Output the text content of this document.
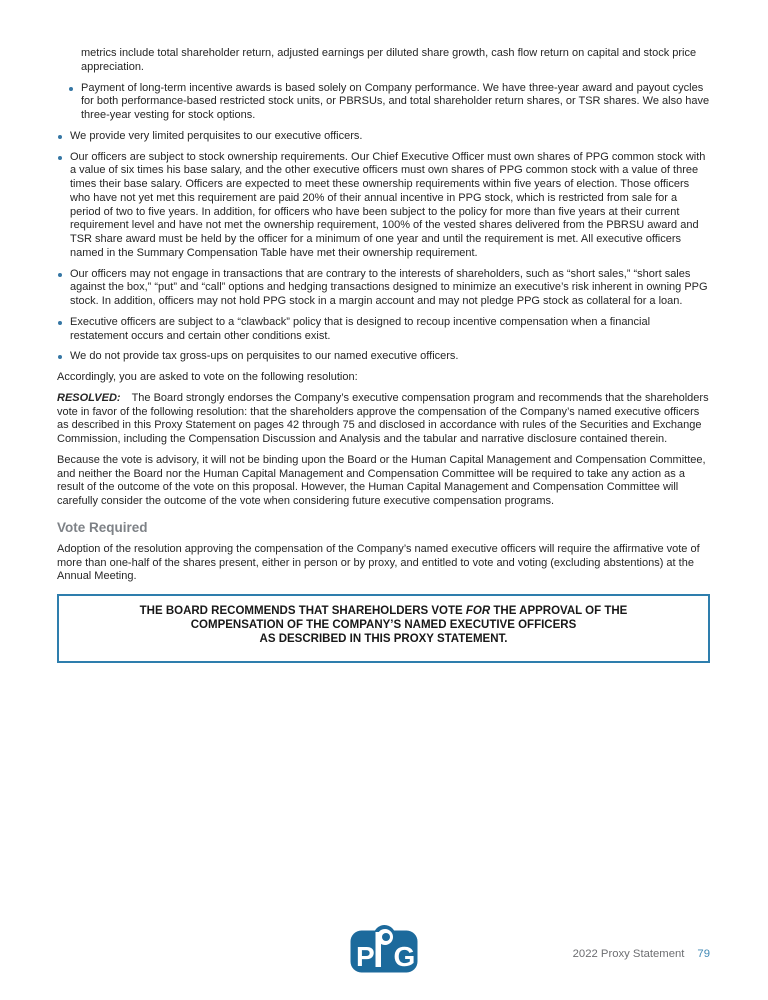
metrics include total shareholder return, adjusted earnings per diluted share growth, cash flow return on capital and stock price appreciation.

Payment of long-term incentive awards is based solely on Company performance. We have three-year award and payout cycles for both performance-based restricted stock units, or PBRSUs, and total shareholder return shares, or TSR shares. We also have three-year vesting for stock options.
We provide very limited perquisites to our executive officers.
Our officers are subject to stock ownership requirements. Our Chief Executive Officer must own shares of PPG common stock with a value of six times his base salary, and the other executive officers must own shares of PPG common stock with a value of three times their base salary. Officers are expected to meet these ownership requirements within five years of election. Those officers who have not yet met this requirement are paid 20% of their annual incentive in PPG stock, which is restricted from sale for a period of two to five years. In addition, for officers who have been subject to the policy for more than five years at their current requirement level and have not met the ownership requirement, 100% of the vested shares delivered from the PBRSU award and TSR share award must be held by the officer for a minimum of one year and until the requirement is met. All executive officers named in the Summary Compensation Table have met their ownership requirement.
Our officers may not engage in transactions that are contrary to the interests of shareholders, such as “short sales,” “short sales against the box,” “put” and “call” options and hedging transactions designed to minimize an executive’s risk inherent in owning PPG stock. In addition, officers may not hold PPG stock in a margin account and may not pledge PPG stock as collateral for a loan.
Executive officers are subject to a “clawback” policy that is designed to recoup incentive compensation when a financial restatement occurs and certain other conditions exist.
We do not provide tax gross-ups on perquisites to our named executive officers.

Accordingly, you are asked to vote on the following resolution:

RESOLVED: The Board strongly endorses the Company’s executive compensation program and recommends that the shareholders vote in favor of the following resolution: that the shareholders approve the compensation of the Company’s named executive officers as described in this Proxy Statement on pages 42 through 75 and disclosed in accordance with rules of the Securities and Exchange Commission, including the Compensation Discussion and Analysis and the tabular and narrative disclosure contained therein.

Because the vote is advisory, it will not be binding upon the Board or the Human Capital Management and Compensation Committee, and neither the Board nor the Human Capital Management and Compensation Committee will be required to take any action as a result of the outcome of the vote on this proposal. However, the Human Capital Management and Compensation Committee will carefully consider the outcome of the vote when considering future executive compensation programs.

Vote Required

Adoption of the resolution approving the compensation of the Company’s named executive officers will require the affirmative vote of more than one-half of the shares present, either in person or by proxy, and entitled to vote and voting (excluding abstentions) at the Annual Meeting.

THE BOARD RECOMMENDS THAT SHAREHOLDERS VOTE FOR THE APPROVAL OF THE
COMPENSATION OF THE COMPANY’S NAMED EXECUTIVE OFFICERS
AS DESCRIBED IN THIS PROXY STATEMENT.
P G	2022 Proxy Statement 79
